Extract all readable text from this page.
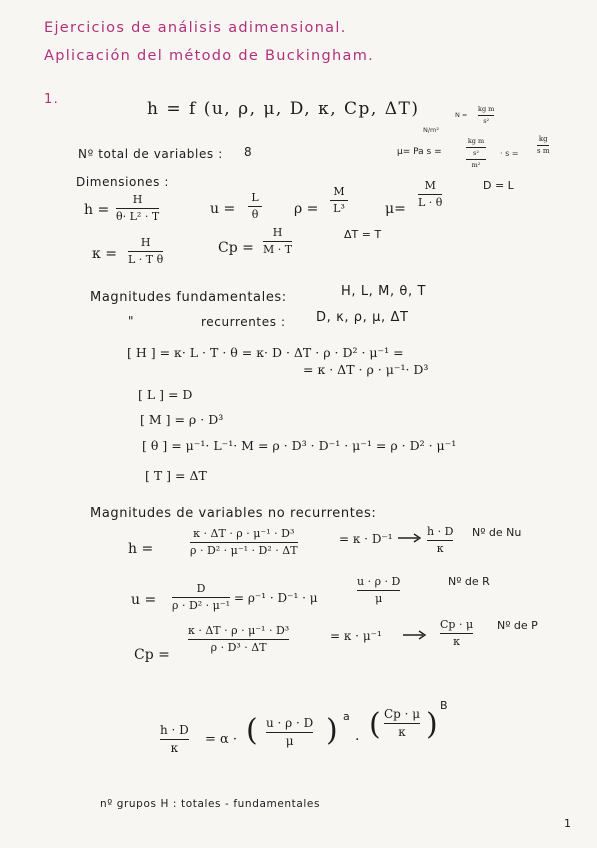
Ejercicios de análisis adimensional.
Aplicación del método de Buckingham.
1.	h = f (u, ρ, μ, D, κ, Cp, ΔT)	N =
kg m
s²
N/m²
μ= Pa s =
kg m
s²
m²
· s =
kg
s m
Nº total de variables : 8
Dimensiones :
h =
H
θ· L² · T	u =
L
θ	ρ =
M
L³	μ=
M
L · θ
D = L
κ =
H
L · T θ
Cp =
H
M · T
ΔT = T
Magnitudes fundamentales:	H, L, M, θ, T
"	recurrentes : D, κ, ρ, μ, ΔT
[ H ] = κ· L · T · θ = κ· D · ΔT · ρ · D² · μ⁻¹ =
= κ · ΔT · ρ · μ⁻¹· D³
[ L ] = D
[ M ] = ρ · D³
[ θ ] = μ⁻¹· L⁻¹· M = ρ · D³ · D⁻¹ · μ⁻¹ = ρ · D² · μ⁻¹
[ T ] = ΔT
Magnitudes de variables no recurrentes:
h =
κ · ΔT · ρ · μ⁻¹ · D³
ρ · D² · μ⁻¹ · D² · ΔT
= κ · D⁻¹
h · D
κ
Nº de Nu
u =
D
ρ · D² · μ⁻¹
= ρ⁻¹ · D⁻¹ · μ
u · ρ · D
μ
Nº de R
Cp =
κ · ΔT · ρ · μ⁻¹ · D³
ρ · D³ · ΔT
= κ · μ⁻¹
Cp · μ
κ
Nº de P
h · D
κ
= α · ( u · ρ · D
μ ) a
· ( Cp · μ
κ )
B
nº grupos H : totales - fundamentales
1
